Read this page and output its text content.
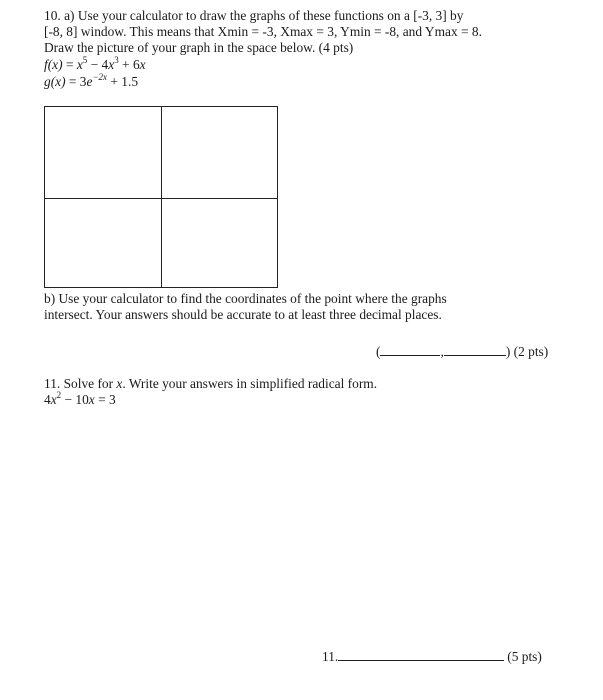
10. a) Use your calculator to draw the graphs of these functions on a [-3, 3] by
[-8, 8] window. This means that Xmin = -3, Xmax = 3, Ymin = -8, and Ymax = 8.
Draw the picture of your graph in the space below. (4 pts)
$f(x) = x^5 - 4x^3 + 6x$
$g(x) = 3e^{-2x} + 1.5$
b) Use your calculator to find the coordinates of the point where the graphs
intersect. Your answers should be accurate to at least three decimal places.
(	,	) (2 pts)
11. Solve for x. Write your answers in simplified radical form.
$4x^2 - 10x = 3$
11.	(5 pts)
